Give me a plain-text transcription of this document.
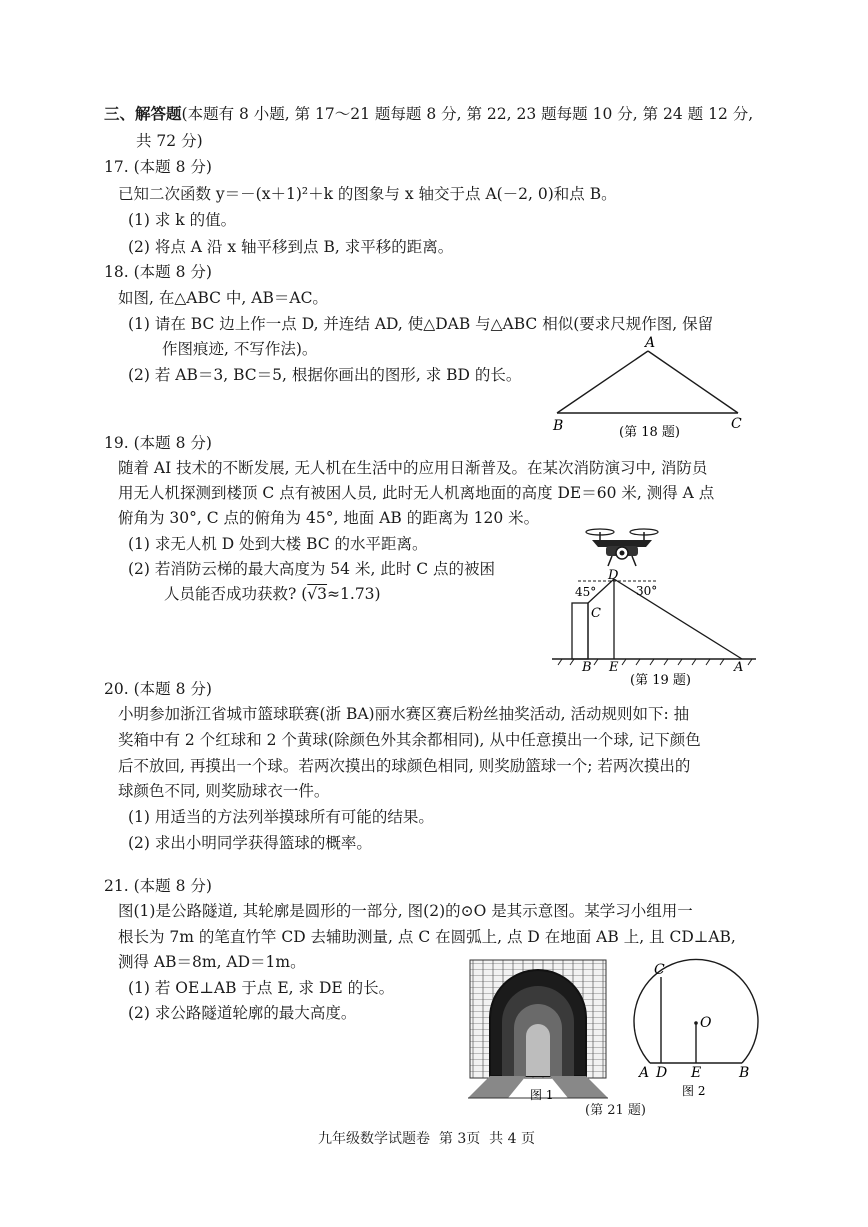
三、解答题(本题有 8 小题, 第 17～21 题每题 8 分, 第 22, 23 题每题 10 分, 第 24 题 12 分,
共 72 分)
17. (本题 8 分)
已知二次函数 y＝－(x＋1)²＋k 的图象与 x 轴交于点 A(－2, 0)和点 B。
(1) 求 k 的值。
(2) 将点 A 沿 x 轴平移到点 B, 求平移的距离。
18. (本题 8 分)
如图, 在△ABC 中, AB＝AC。
(1) 请在 BC 边上作一点 D, 并连结 AD, 使△DAB 与△ABC 相似(要求尺规作图, 保留
作图痕迹, 不写作法)。
(2) 若 AB＝3, BC＝5, 根据你画出的图形, 求 BD 的长。
A
B	C
(第 18 题)
19. (本题 8 分)
随着 AI 技术的不断发展, 无人机在生活中的应用日渐普及。在某次消防演习中, 消防员
用无人机探测到楼顶 C 点有被困人员, 此时无人机离地面的高度 DE＝60 米, 测得 A 点
俯角为 30°, C 点的俯角为 45°, 地面 AB 的距离为 120 米。
(1) 求无人机 D 处到大楼 BC 的水平距离。
(2) 若消防云梯的最大高度为 54 米, 此时 C 点的被困
人员能否成功获救? (√3≈1.73)
D
45°	30°
C
B E	A
(第 19 题)
20. (本题 8 分)
小明参加浙江省城市篮球联赛(浙 BA)丽水赛区赛后粉丝抽奖活动, 活动规则如下: 抽
奖箱中有 2 个红球和 2 个黄球(除颜色外其余都相同), 从中任意摸出一个球, 记下颜色
后不放回, 再摸出一个球。若两次摸出的球颜色相同, 则奖励篮球一个; 若两次摸出的
球颜色不同, 则奖励球衣一件。
(1) 用适当的方法列举摸球所有可能的结果。
(2) 求出小明同学获得篮球的概率。
21. (本题 8 分)
图(1)是公路隧道, 其轮廓是圆形的一部分, 图(2)的⊙O 是其示意图。某学习小组用一
根长为 7m 的笔直竹竿 CD 去辅助测量, 点 C 在圆弧上, 点 D 在地面 AB 上, 且 CD⊥AB,
测得 AB＝8m, AD＝1m。
(1) 若 OE⊥AB 于点 E, 求 DE 的长。
(2) 求公路隧道轮廓的最大高度。
图 1
C
O
A D E	B
图 2
(第 21 题)
九年级数学试题卷 第 3页 共 4 页
